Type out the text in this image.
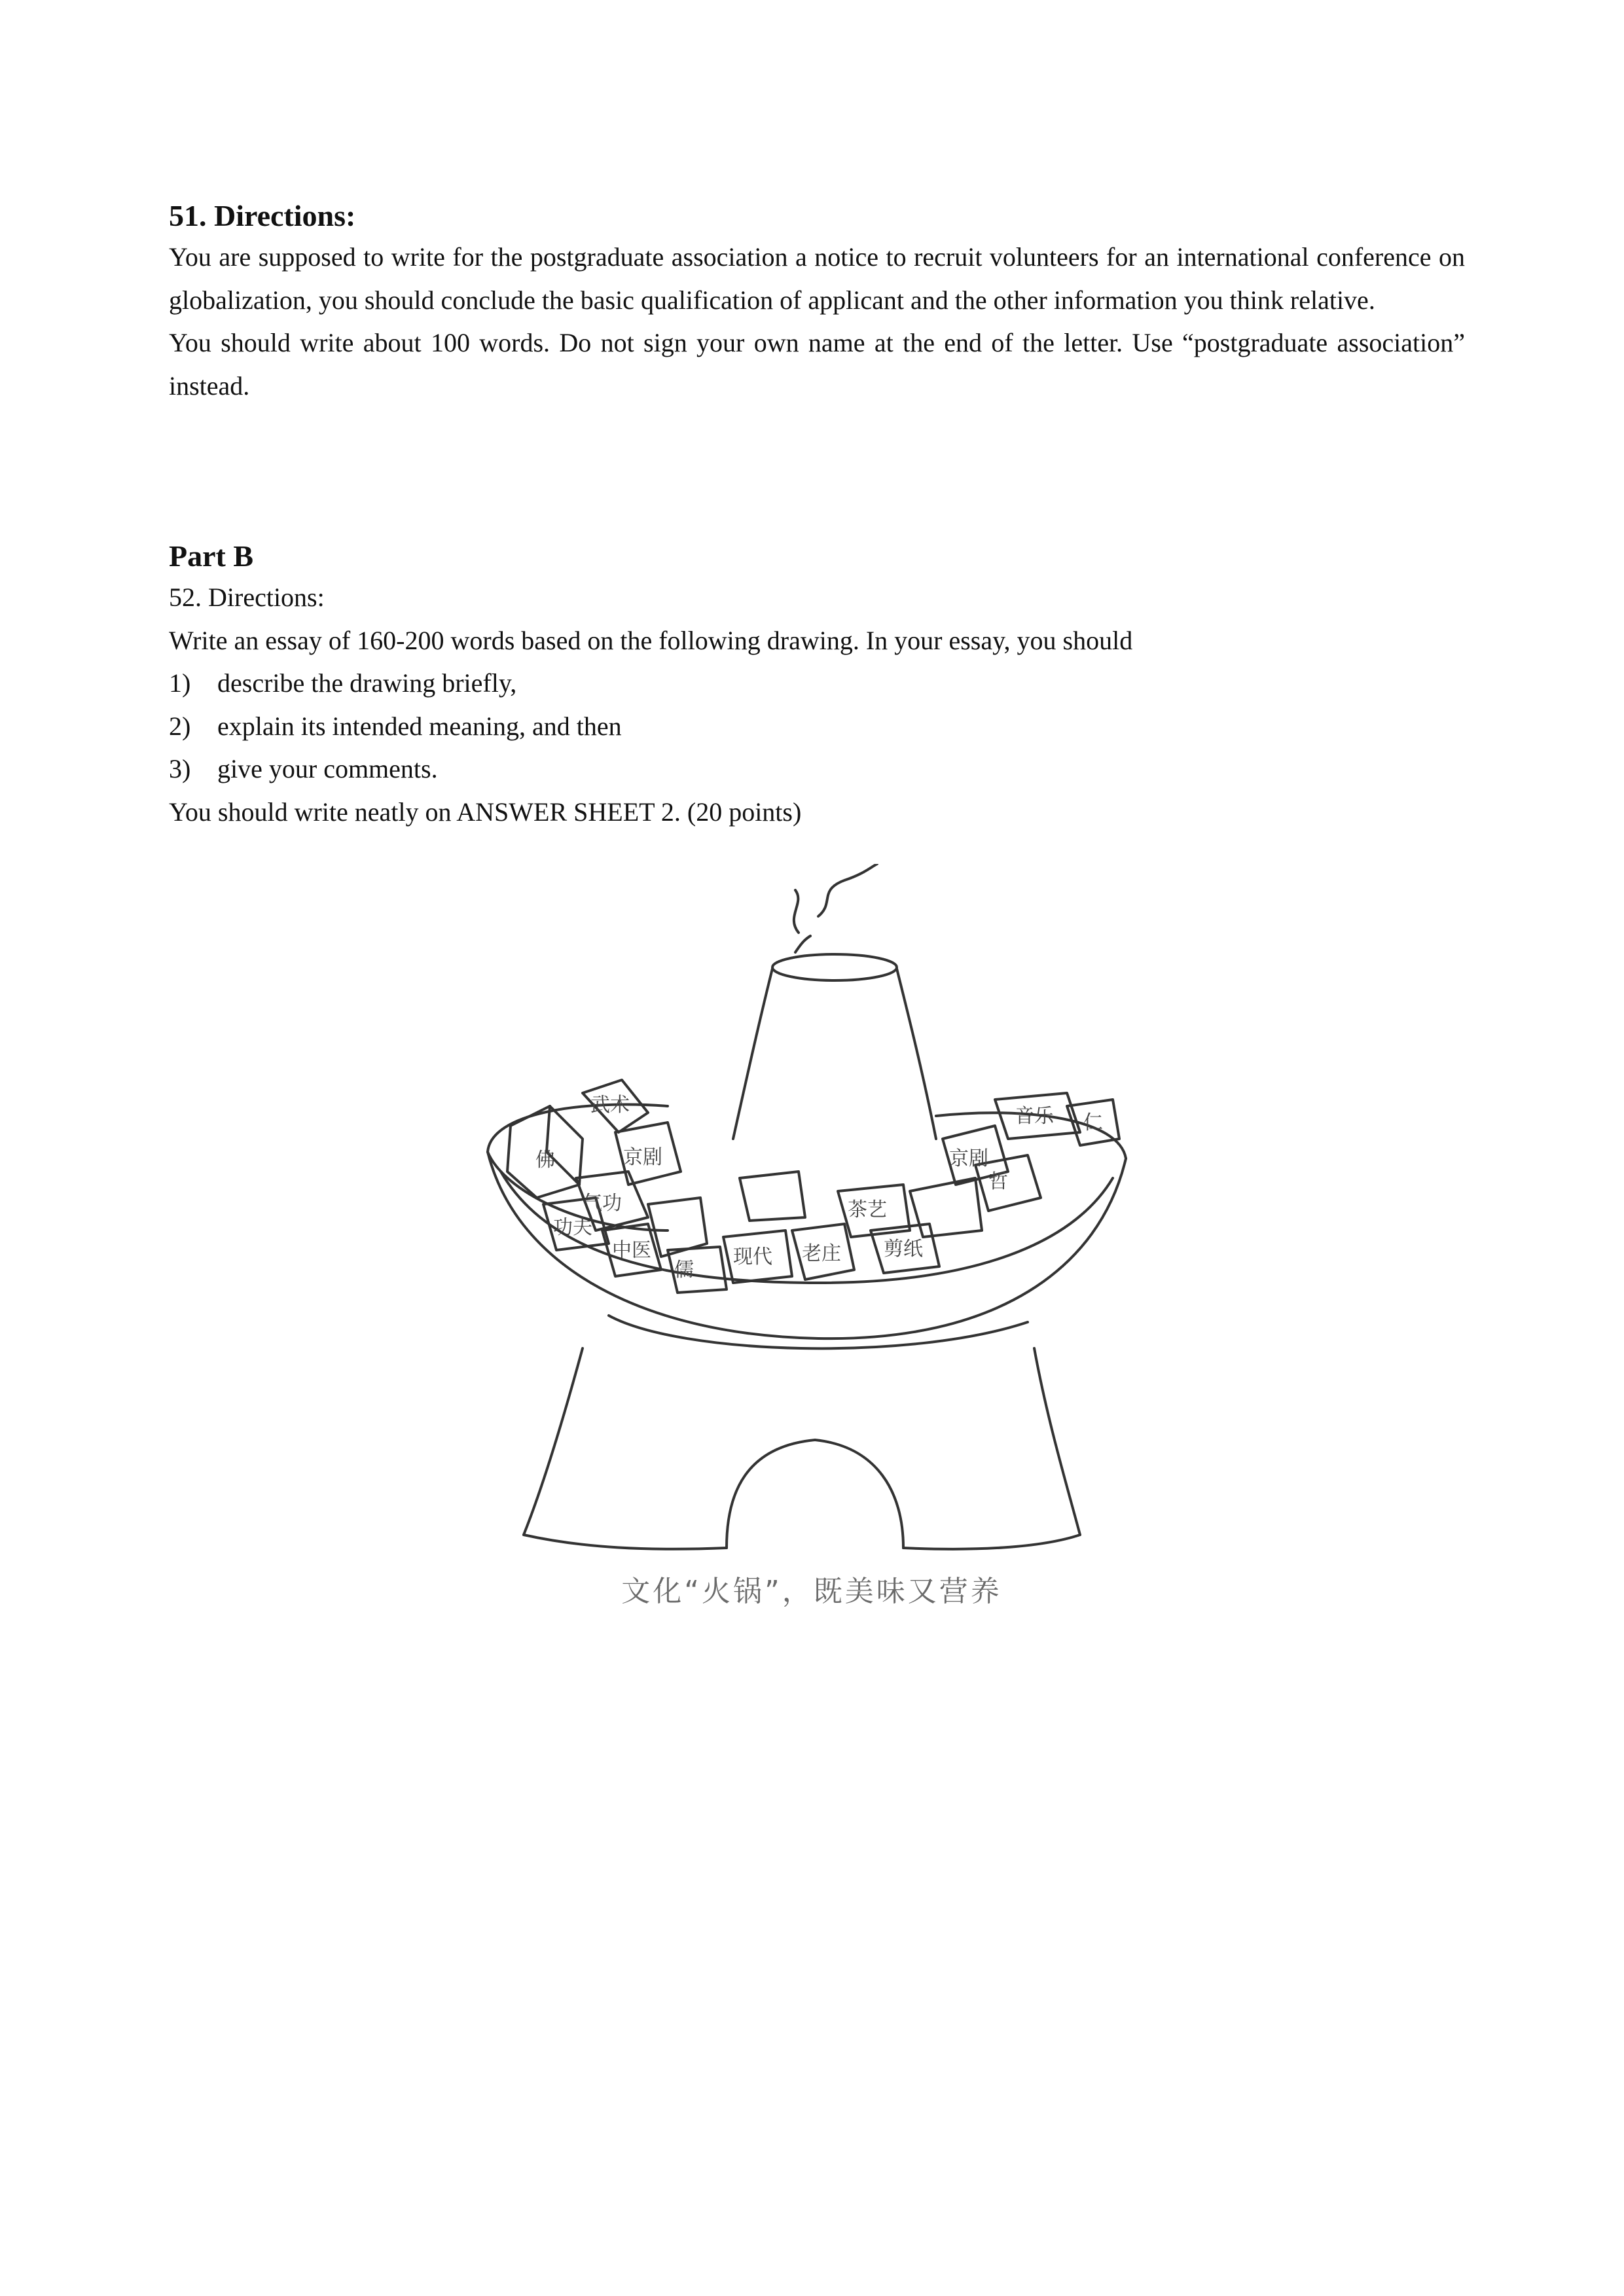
51. Directions:

You are supposed to write for the postgraduate association a notice to recruit volunteers for an international conference on globalization, you should conclude the basic qualification of applicant and the other information you think relative.

You should write about 100 words. Do not sign your own name at the end of the letter. Use “postgraduate association” instead.

Part B

52. Directions:

Write an essay of 160-200 words based on the following drawing. In your essay, you should

1)	describe the drawing briefly,
2)	explain its intended meaning, and then
3)	give your comments.

You should write neatly on ANSWER SHEET 2. (20 points)

佛	京剧
气功
武术
功夫
中医
儒
现代 老庄
茶艺
京剧
哲
仁
剪纸
音乐
文化“火锅”，既美味又营养
